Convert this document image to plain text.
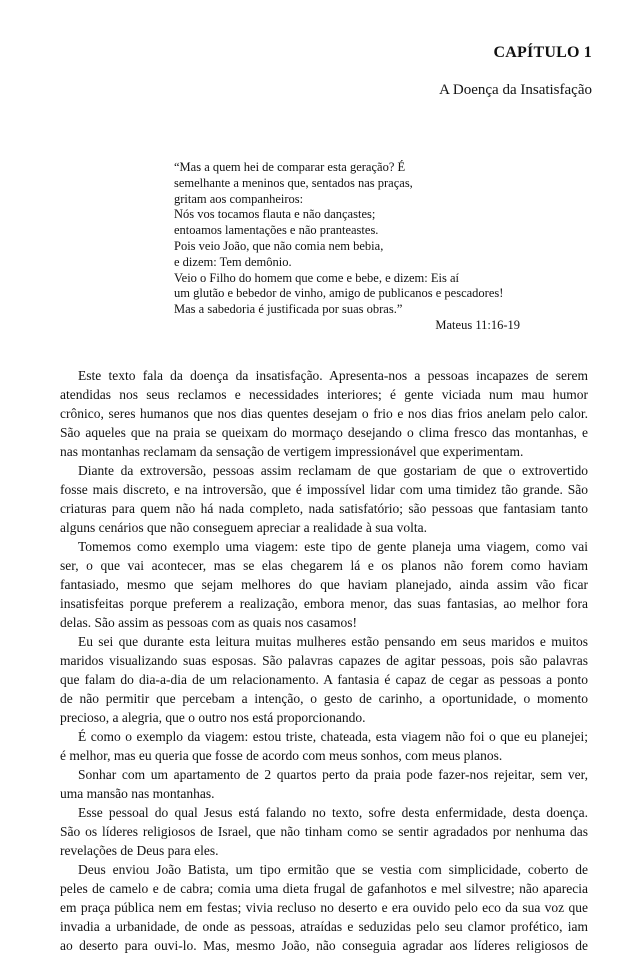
CAPÍTULO 1
A Doença da Insatisfação
“Mas a quem hei de comparar esta geração? É
semelhante a meninos que, sentados nas praças,
gritam aos companheiros:
Nós vos tocamos flauta e não dançastes;
entoamos lamentações e não pranteastes.
Pois veio João, que não comia nem bebia,
e dizem: Tem demônio.
Veio o Filho do homem que come e bebe, e dizem: Eis aí
um glutão e bebedor de vinho, amigo de publicanos e pescadores!
Mas a sabedoria é justificada por suas obras.”
Mateus 11:16-19
Este texto fala da doença da insatisfação. Apresenta-nos a pessoas incapazes de serem
atendidas nos seus reclamos e necessidades interiores; é gente viciada num mau humor
crônico, seres humanos que nos dias quentes desejam o frio e nos dias frios anelam pelo calor.
São aqueles que na praia se queixam do mormaço desejando o clima fresco das montanhas, e
nas montanhas reclamam da sensação de vertigem impressionável que experimentam.
Diante da extroversão, pessoas assim reclamam de que gostariam de que o extrovertido
fosse mais discreto, e na introversão, que é impossível lidar com uma timidez tão grande. São
criaturas para quem não há nada completo, nada satisfatório; são pessoas que fantasiam tanto
alguns cenários que não conseguem apreciar a realidade à sua volta.
Tomemos como exemplo uma viagem: este tipo de gente planeja uma viagem, como vai
ser, o que vai acontecer, mas se elas chegarem lá e os planos não forem como haviam
fantasiado, mesmo que sejam melhores do que haviam planejado, ainda assim vão ficar
insatisfeitas porque preferem a realização, embora menor, das suas fantasias, ao melhor fora
delas. São assim as pessoas com as quais nos casamos!
Eu sei que durante esta leitura muitas mulheres estão pensando em seus maridos e muitos
maridos visualizando suas esposas. São palavras capazes de agitar pessoas, pois são palavras
que falam do dia-a-dia de um relacionamento. A fantasia é capaz de cegar as pessoas a ponto
de não permitir que percebam a intenção, o gesto de carinho, a oportunidade, o momento
precioso, a alegria, que o outro nos está proporcionando.
É como o exemplo da viagem: estou triste, chateada, esta viagem não foi o que eu planejei;
é melhor, mas eu queria que fosse de acordo com meus sonhos, com meus planos.
Sonhar com um apartamento de 2 quartos perto da praia pode fazer-nos rejeitar, sem ver,
uma mansão nas montanhas.
Esse pessoal do qual Jesus está falando no texto, sofre desta enfermidade, desta doença.
São os líderes religiosos de Israel, que não tinham como se sentir agradados por nenhuma das
revelações de Deus para eles.
Deus enviou João Batista, um tipo ermitão que se vestia com simplicidade, coberto de
peles de camelo e de cabra; comia uma dieta frugal de gafanhotos e mel silvestre; não aparecia
em praça pública nem em festas; vivia recluso no deserto e era ouvido pelo eco da sua voz que
invadia a urbanidade, de onde as pessoas, atraídas e seduzidas pelo seu clamor profético, iam
ao deserto para ouvi-lo. Mas, mesmo João, não conseguia agradar aos líderes religiosos de
